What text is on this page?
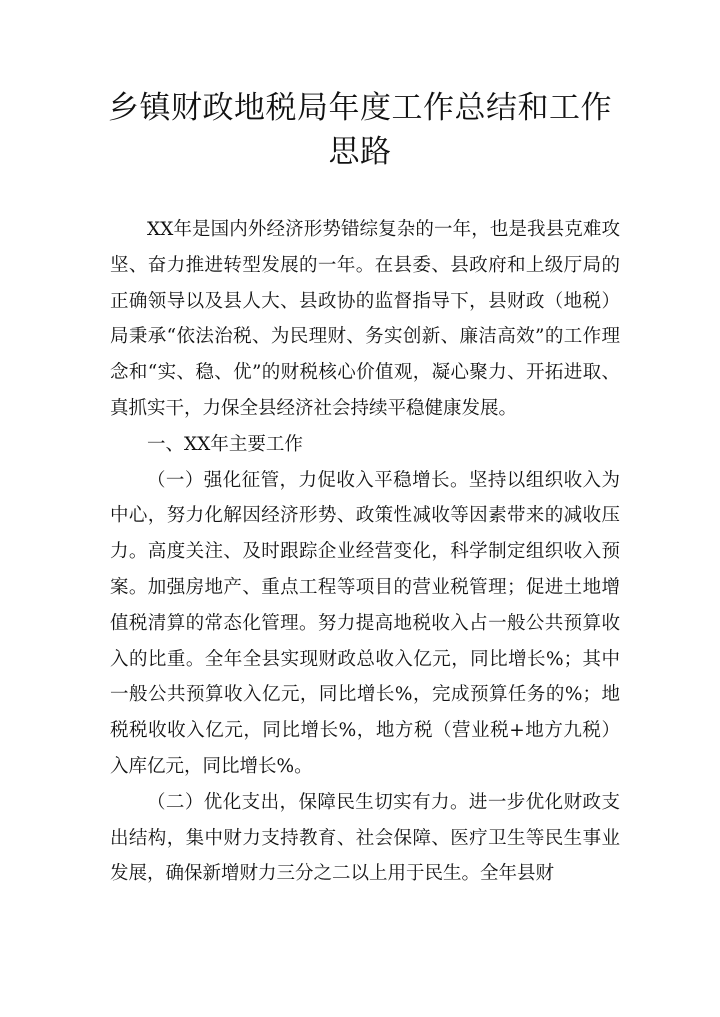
乡镇财政地税局年度工作总结和工作思路

XX年是国内外经济形势错综复杂的一年，也是我县克难攻坚、奋力推进转型发展的一年。在县委、县政府和上级厅局的正确领导以及县人大、县政协的监督指导下，县财政（地税）局秉承“依法治税、为民理财、务实创新、廉洁高效”的工作理念和“实、稳、优”的财税核心价值观，凝心聚力、开拓进取、真抓实干，力保全县经济社会持续平稳健康发展。

一、XX年主要工作

（一）强化征管，力促收入平稳增长。坚持以组织收入为中心，努力化解因经济形势、政策性减收等因素带来的减收压力。高度关注、及时跟踪企业经营变化，科学制定组织收入预案。加强房地产、重点工程等项目的营业税管理；促进土地增值税清算的常态化管理。努力提高地税收入占一般公共预算收入的比重。全年全县实现财政总收入亿元，同比增长%；其中一般公共预算收入亿元，同比增长%，完成预算任务的%；地税税收收入亿元，同比增长%，地方税（营业税+地方九税）入库亿元，同比增长%。

（二）优化支出，保障民生切实有力。进一步优化财政支出结构，集中财力支持教育、社会保障、医疗卫生等民生事业发展，确保新增财力三分之二以上用于民生。全年县财
